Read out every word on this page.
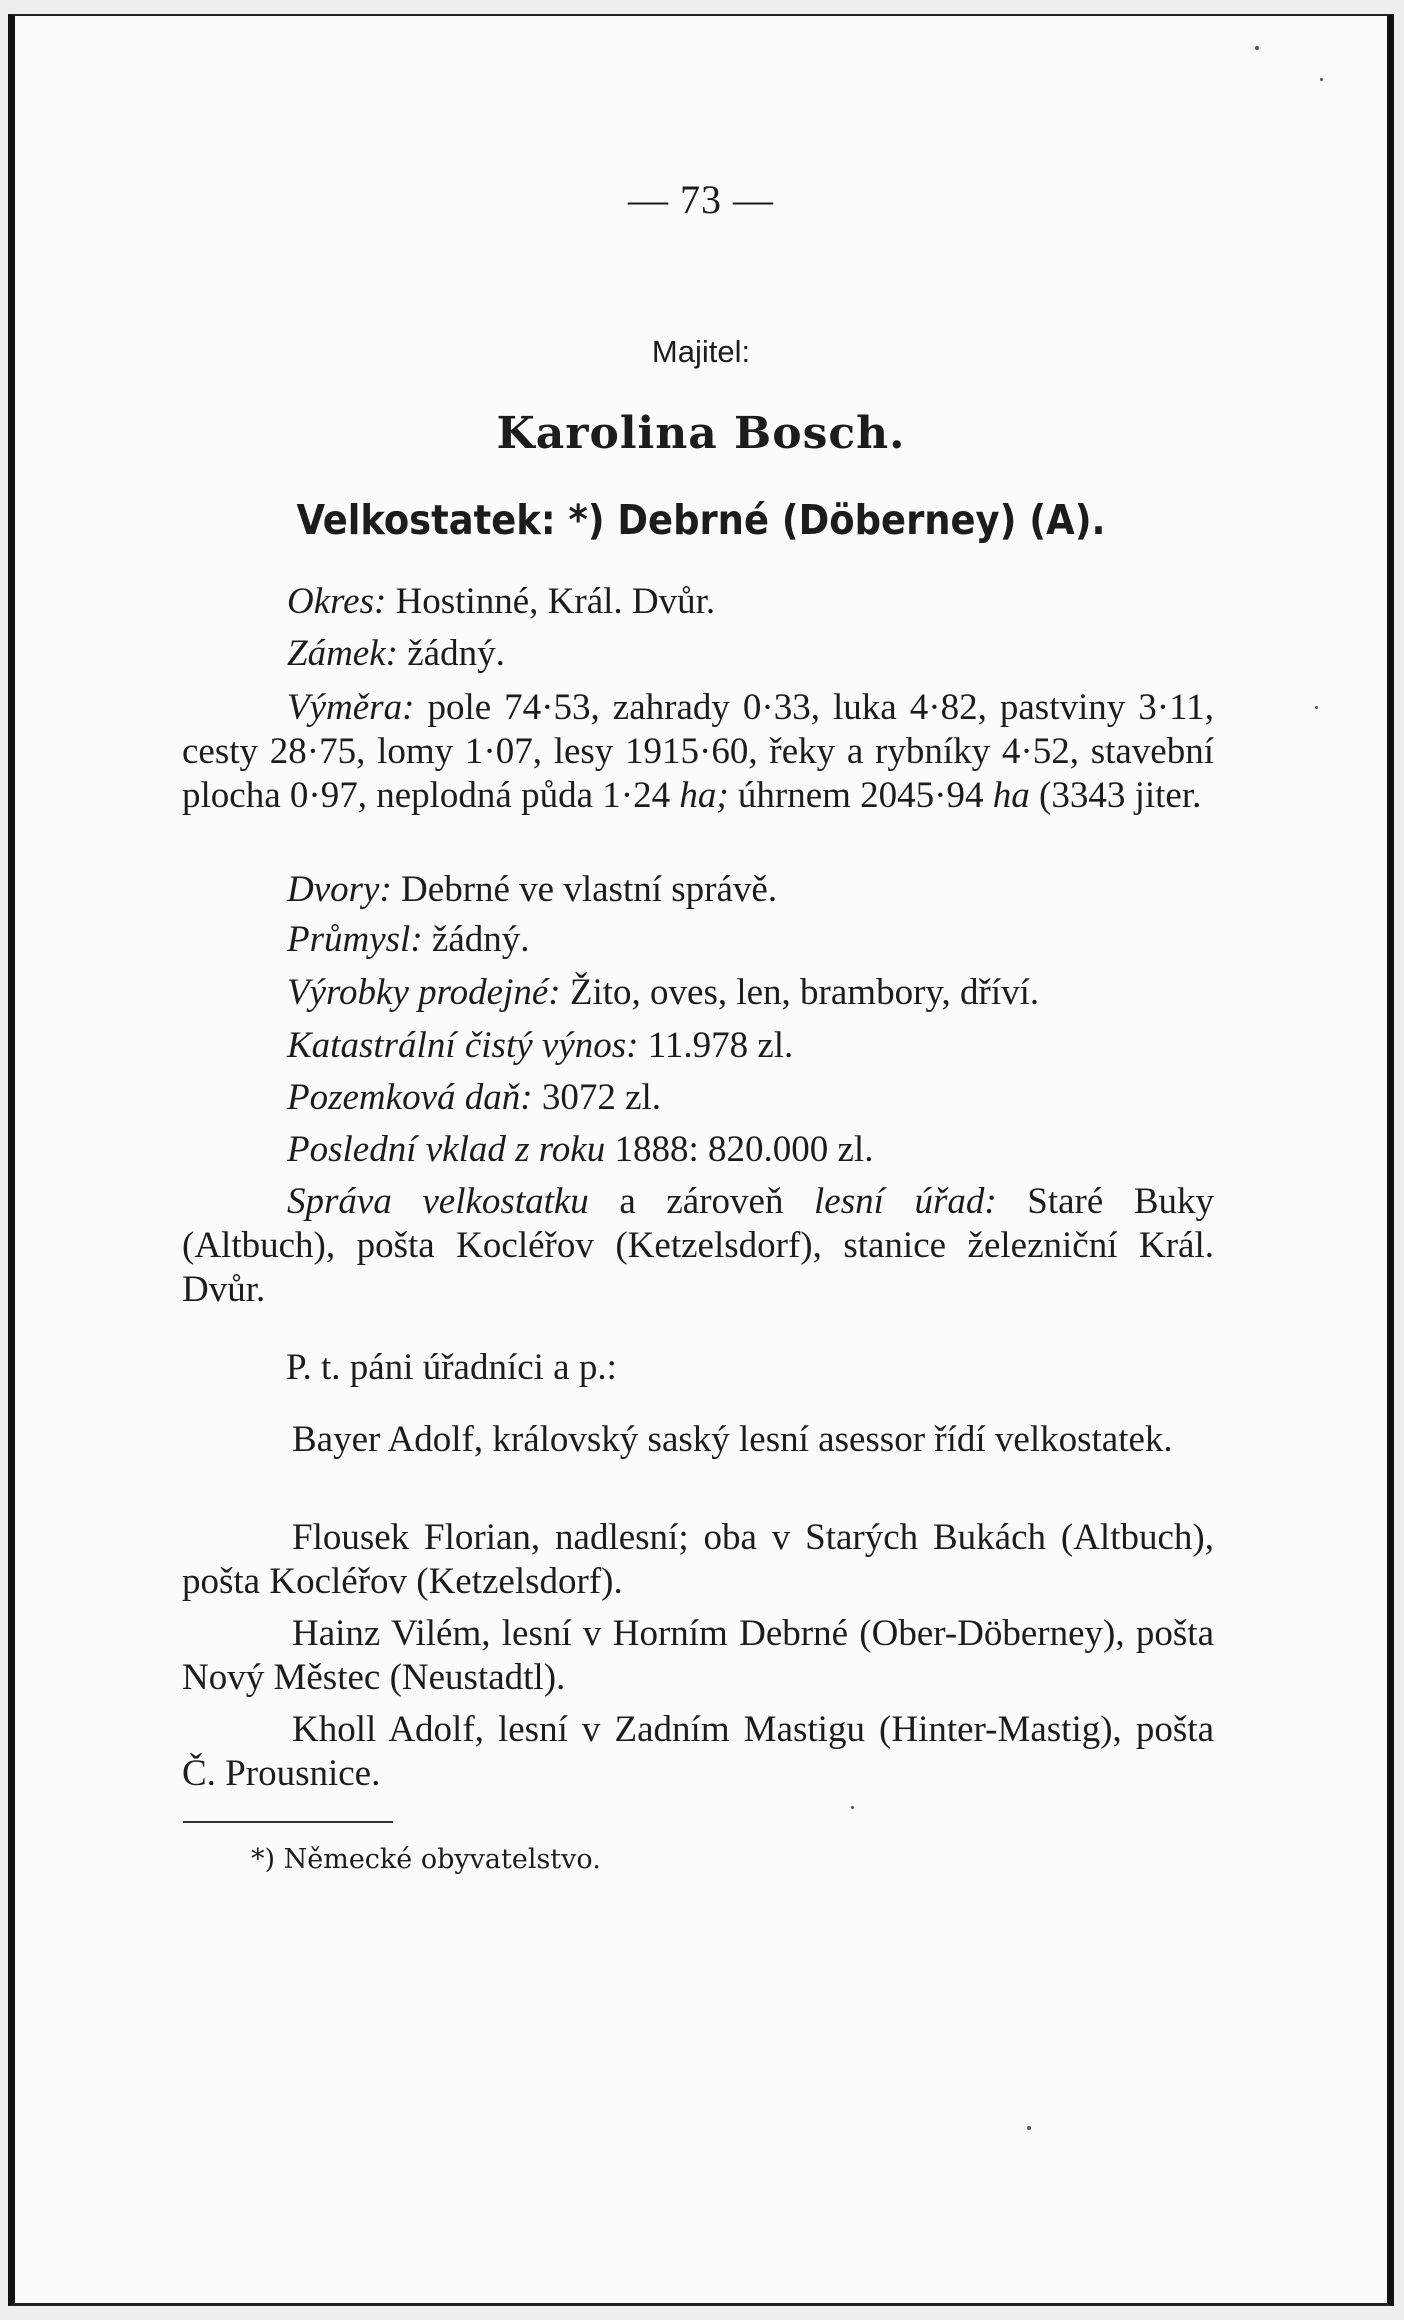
— 73 —
Majitel:
Karolina Bosch.
Velkostatek: *) Debrné (Döberney) (A).
Okres: Hostinné, Král. Dvůr.
Zámek: žádný.
Výměra: pole 74·53, zahrady 0·33, luka 4·82, pastviny 3·11, cesty 28·75, lomy 1·07, lesy 1915·60, řeky a rybníky 4·52, stavební plocha 0·97, neplodná půda 1·24 ha; úhrnem 2045·94 ha (3343 jiter.
Dvory: Debrné ve vlastní správě.
Průmysl: žádný.
Výrobky prodejné: Žito, oves, len, brambory, dříví.
Katastrální čistý výnos: 11.978 zl.
Pozemková daň: 3072 zl.
Poslední vklad z roku 1888: 820.000 zl.
Správa velkostatku a zároveň lesní úřad: Staré Buky (Altbuch), pošta Kocléřov (Ketzelsdorf), stanice železniční Král. Dvůr.
P. t. páni úřadníci a p.:
Bayer Adolf, královský saský lesní asessor řídí velkostatek.
Flousek Florian, nadlesní; oba v Starých Bukách (Altbuch), pošta Kocléřov (Ketzelsdorf).
Hainz Vilém, lesní v Horním Debrné (Ober-Döberney), pošta Nový Městec (Neustadtl).
Kholl Adolf, lesní v Zadním Mastigu (Hinter-Mastig), pošta Č. Prousnice.
*) Německé obyvatelstvo.
